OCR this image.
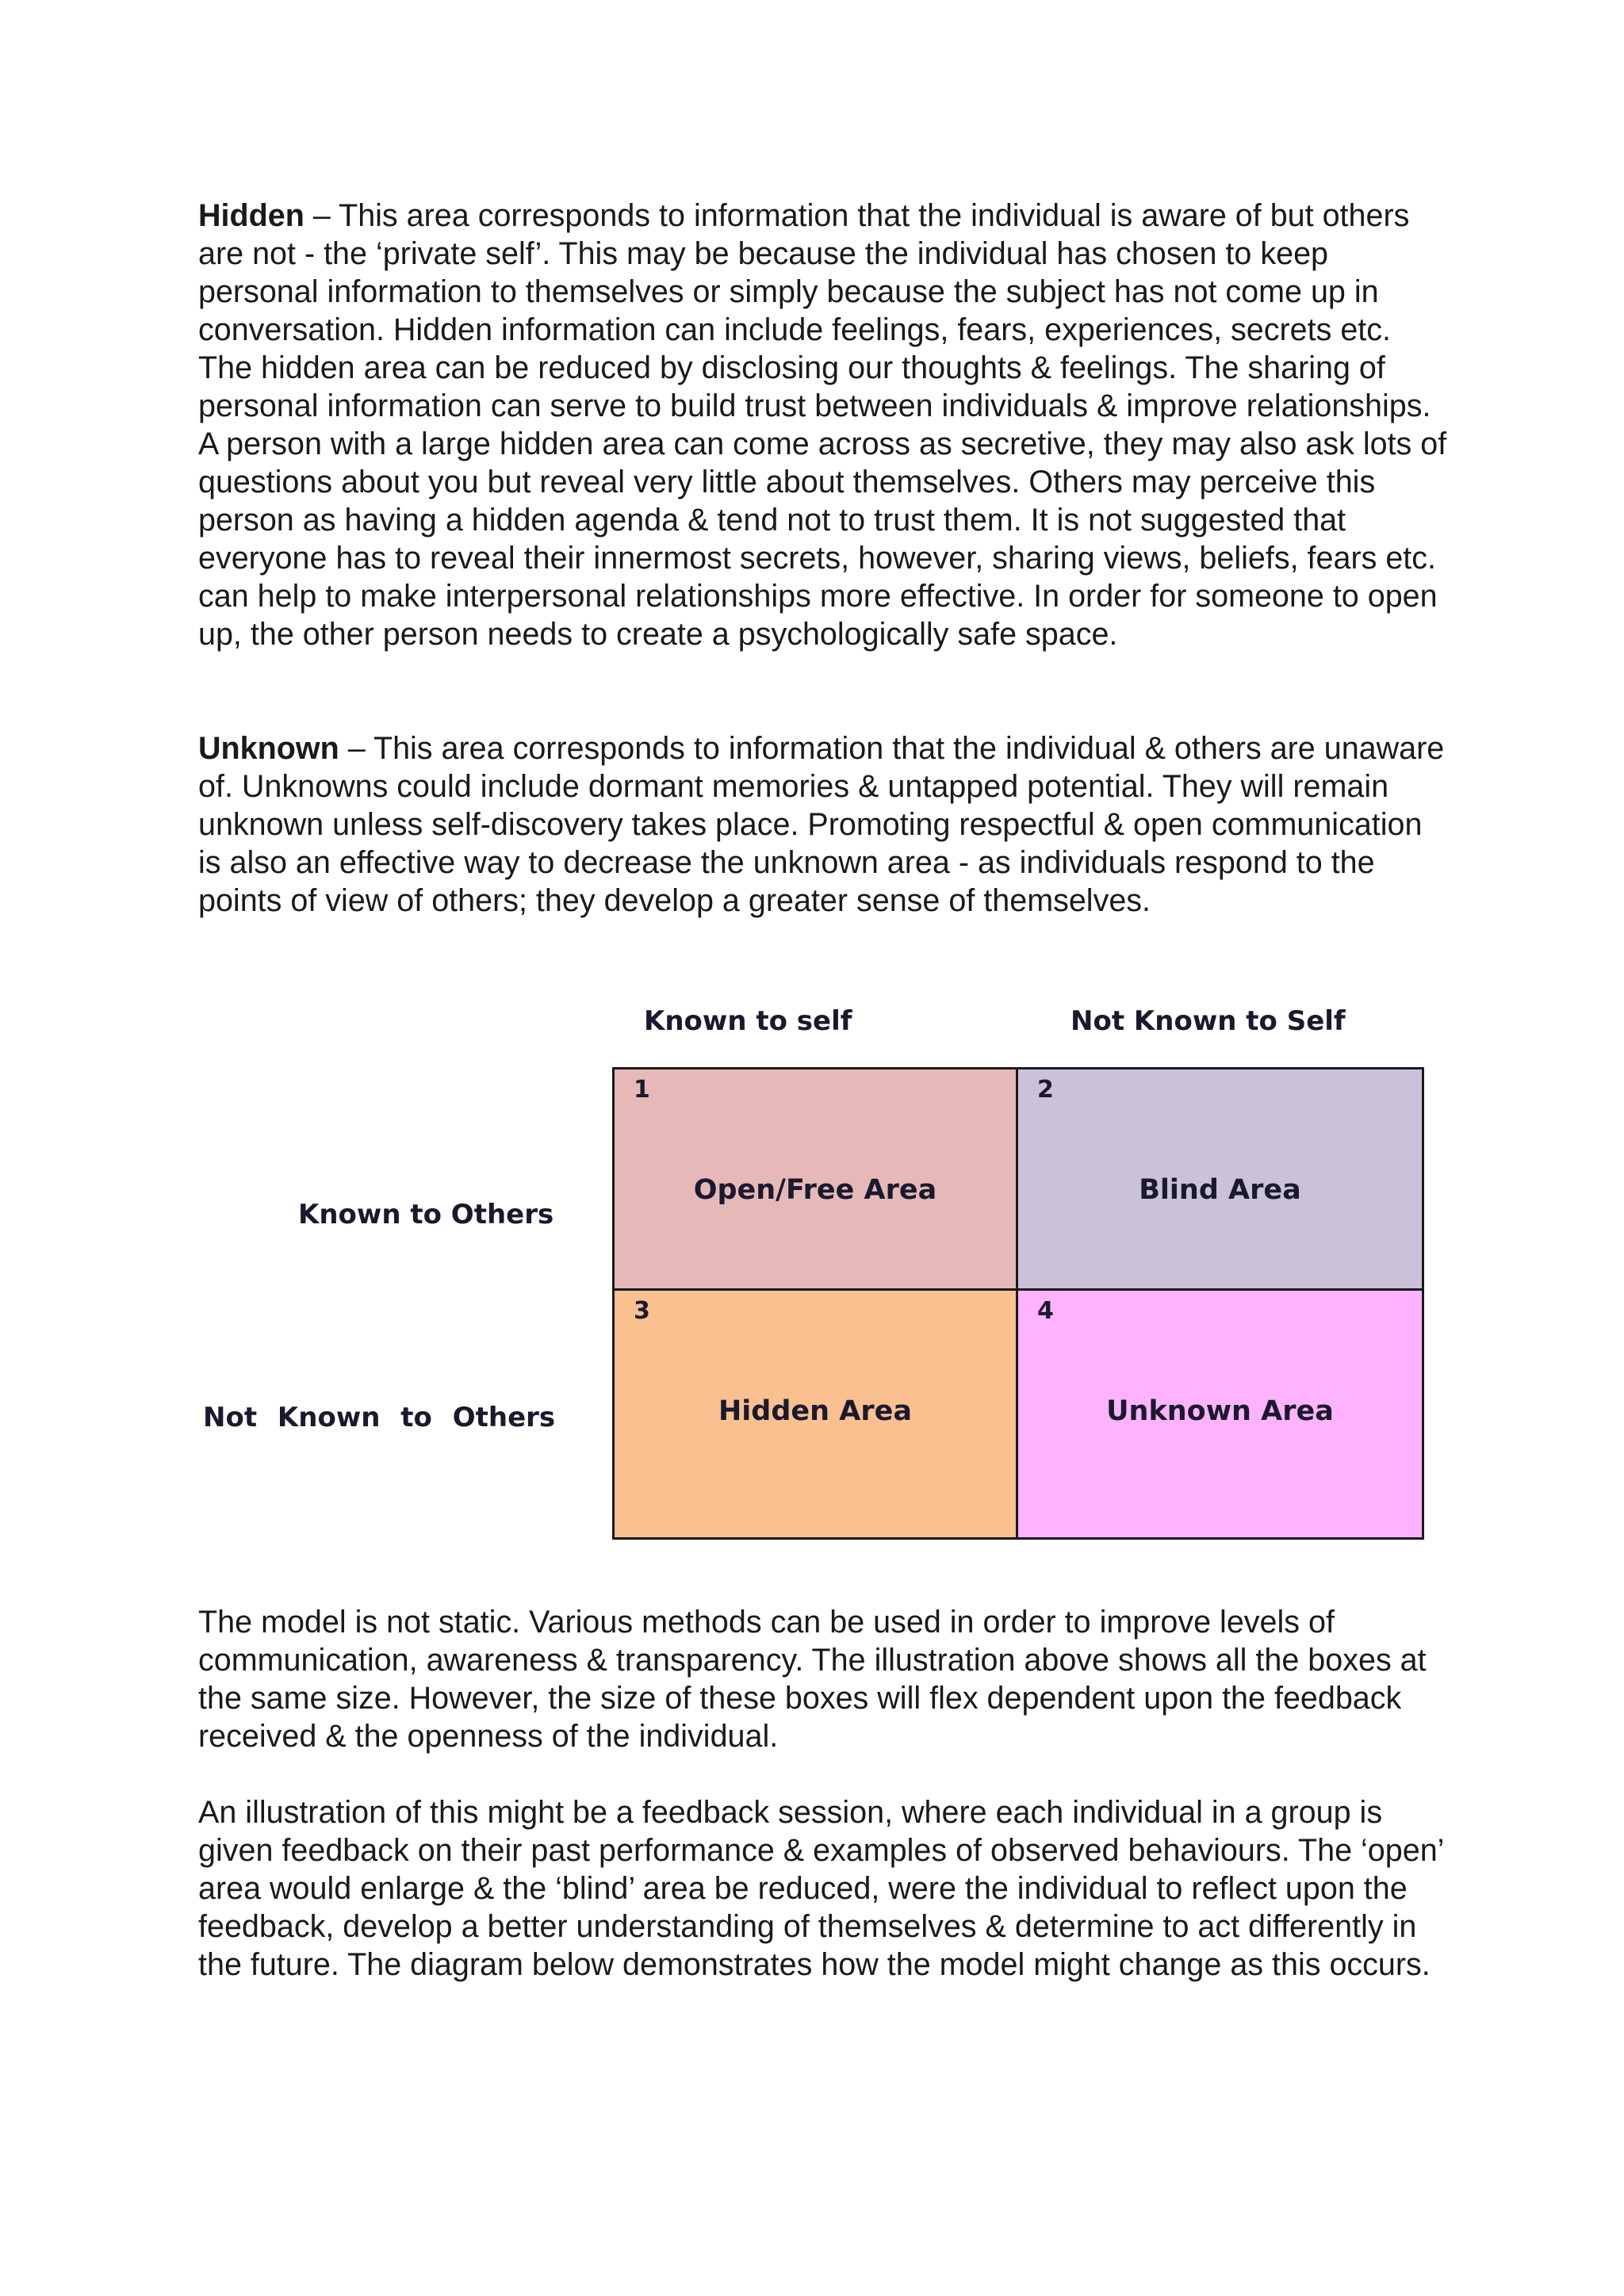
Hidden – This area corresponds to information that the individual is aware of but others are not - the ‘private self’. This may be because the individual has chosen to keep personal information to themselves or simply because the subject has not come up in conversation. Hidden information can include feelings, fears, experiences, secrets etc. The hidden area can be reduced by disclosing our thoughts & feelings. The sharing of personal information can serve to build trust between individuals & improve relationships. A person with a large hidden area can come across as secretive, they may also ask lots of questions about you but reveal very little about themselves. Others may perceive this person as having a hidden agenda & tend not to trust them. It is not suggested that everyone has to reveal their innermost secrets, however, sharing views, beliefs, fears etc. can help to make interpersonal relationships more effective. In order for someone to open up, the other person needs to create a psychologically safe space.

Unknown – This area corresponds to information that the individual & others are unaware of. Unknowns could include dormant memories & untapped potential. They will remain unknown unless self-discovery takes place. Promoting respectful & open communication is also an effective way to decrease the unknown area - as individuals respond to the points of view of others; they develop a greater sense of themselves.

Known to self	Not Known to Self
Known to Others
Not Known to Others
1
Open/Free Area
2
Blind Area
3
Hidden Area
4
Unknown Area

The model is not static. Various methods can be used in order to improve levels of communication, awareness & transparency. The illustration above shows all the boxes at the same size. However, the size of these boxes will flex dependent upon the feedback received & the openness of the individual.

An illustration of this might be a feedback session, where each individual in a group is given feedback on their past performance & examples of observed behaviours. The ‘open’ area would enlarge & the ‘blind’ area be reduced, were the individual to reflect upon the feedback, develop a better understanding of themselves & determine to act differently in the future. The diagram below demonstrates how the model might change as this occurs.
